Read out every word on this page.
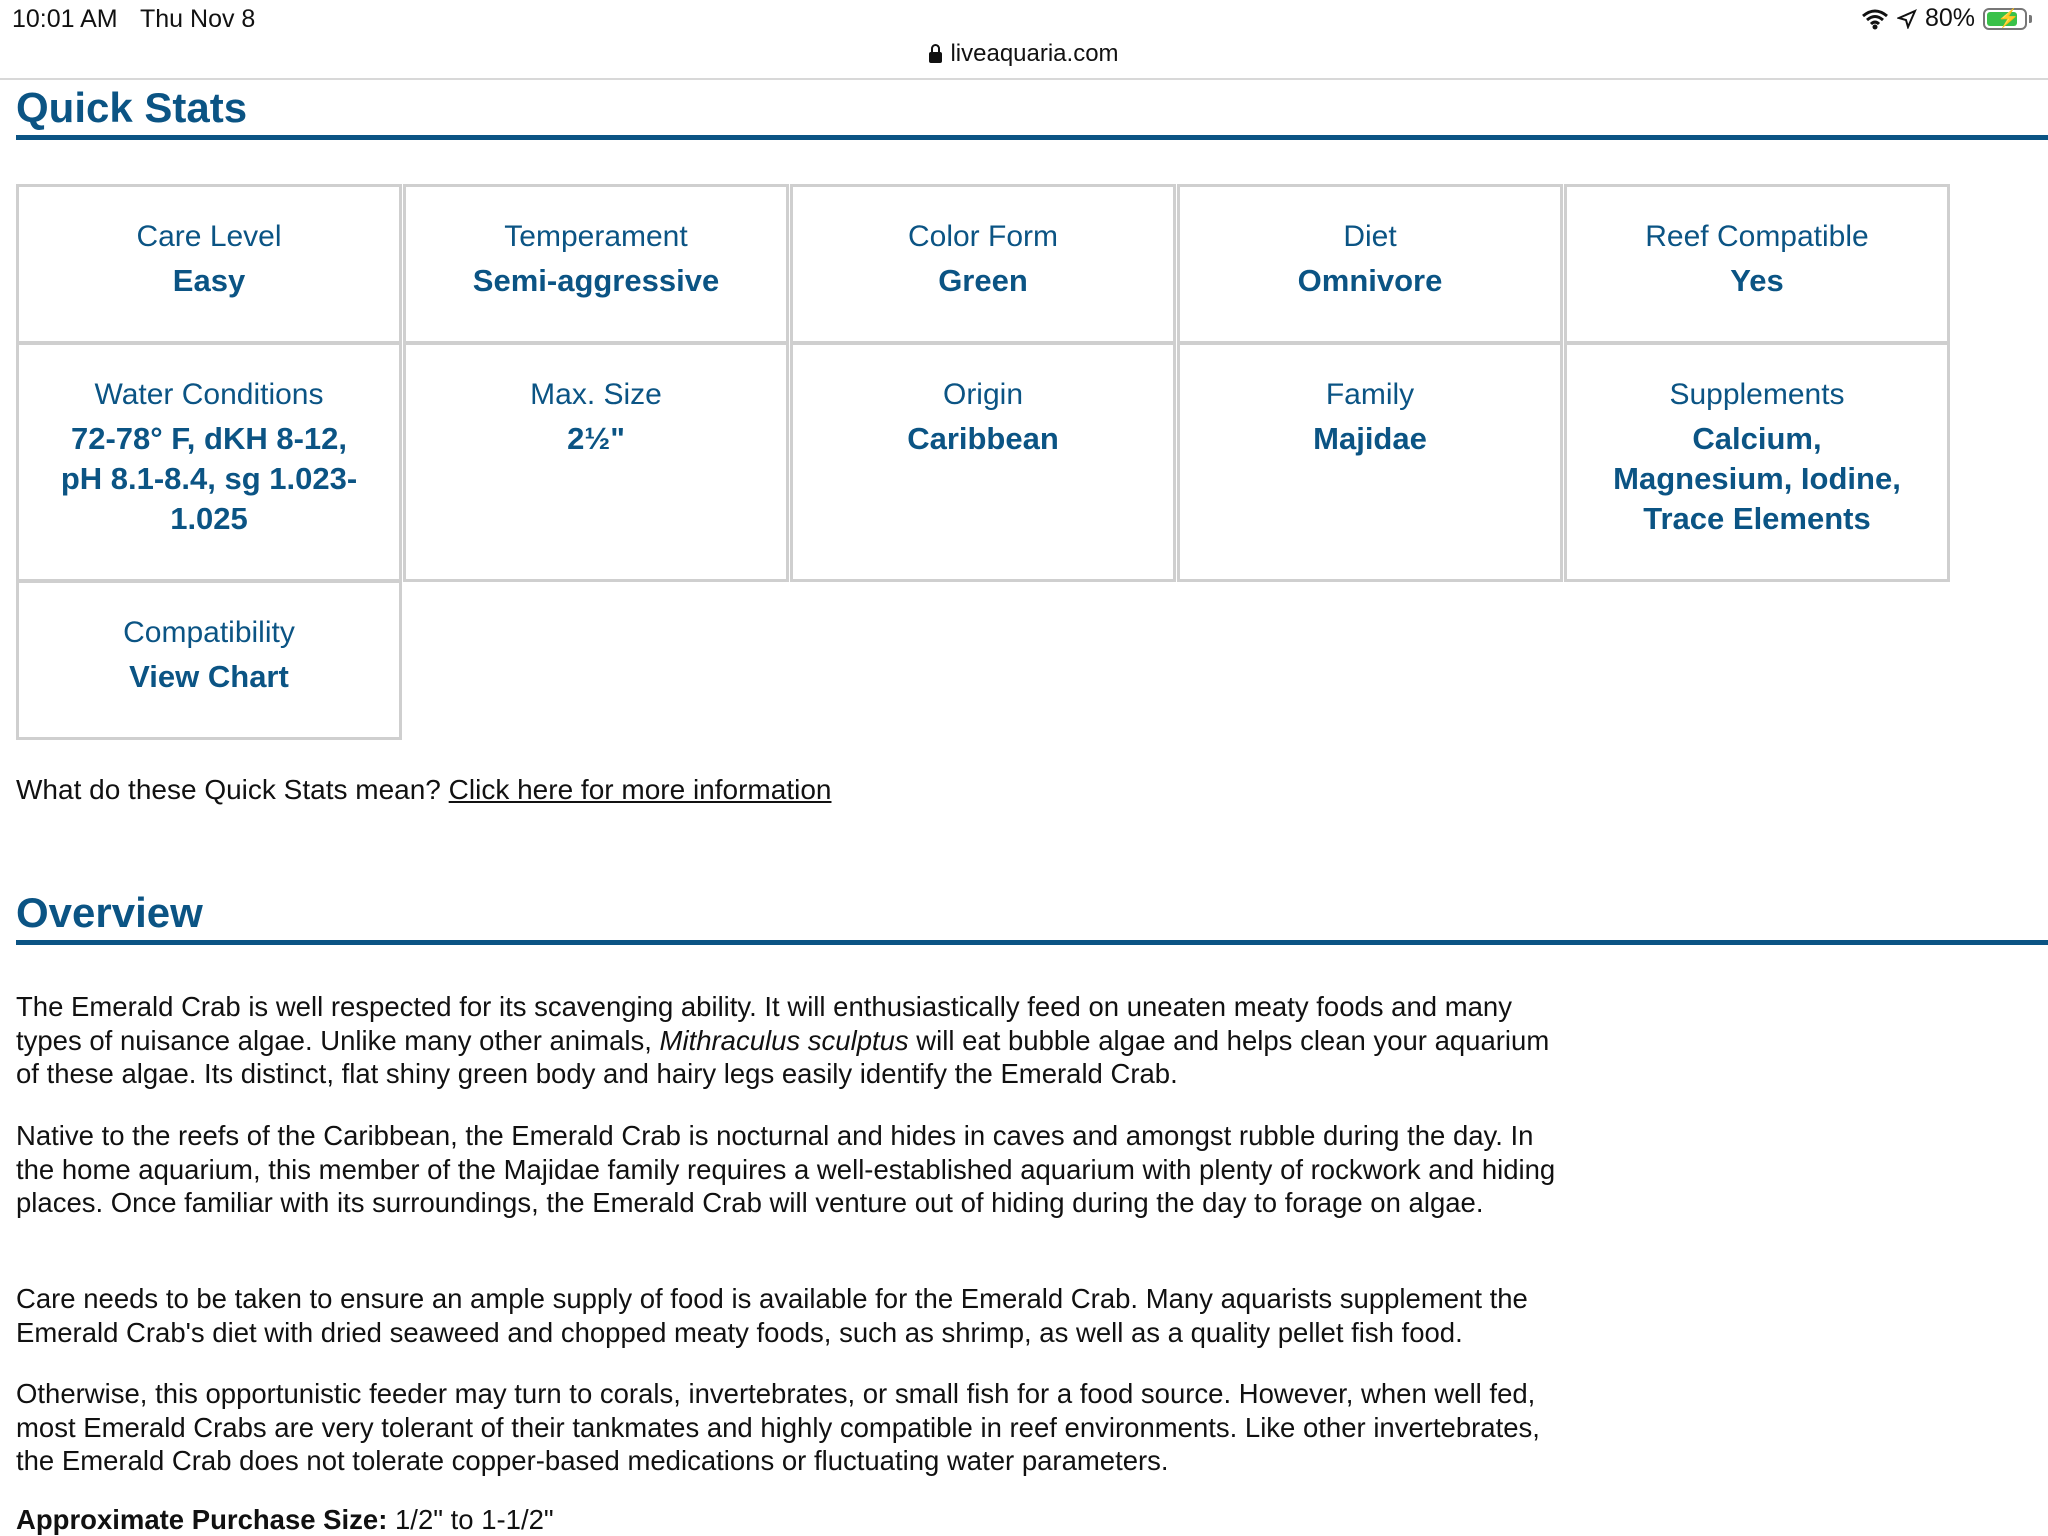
10:01 AM Thu Nov 8	80% ⚡
liveaquaria.com
Quick Stats
Care Level
Easy
Temperament
Semi-aggressive
Color Form
Green
Diet
Omnivore
Reef Compatible
Yes
Water Conditions
72-78° F, dKH 8-12, pH 8.1-8.4, sg 1.023-1.025
Max. Size
2½"
Origin
Caribbean
Family
Majidae
Supplements
Calcium, Magnesium, Iodine, Trace Elements
Compatibility
View Chart
What do these Quick Stats mean? Click here for more information
Overview

The Emerald Crab is well respected for its scavenging ability. It will enthusiastically feed on uneaten meaty foods and many types of nuisance algae. Unlike many other animals, Mithraculus sculptus will eat bubble algae and helps clean your aquarium of these algae. Its distinct, flat shiny green body and hairy legs easily identify the Emerald Crab.

Native to the reefs of the Caribbean, the Emerald Crab is nocturnal and hides in caves and amongst rubble during the day. In the home aquarium, this member of the Majidae family requires a well-established aquarium with plenty of rockwork and hiding places. Once familiar with its surroundings, the Emerald Crab will venture out of hiding during the day to forage on algae.

Care needs to be taken to ensure an ample supply of food is available for the Emerald Crab. Many aquarists supplement the Emerald Crab's diet with dried seaweed and chopped meaty foods, such as shrimp, as well as a quality pellet fish food.

Otherwise, this opportunistic feeder may turn to corals, invertebrates, or small fish for a food source. However, when well fed, most Emerald Crabs are very tolerant of their tankmates and highly compatible in reef environments. Like other invertebrates, the Emerald Crab does not tolerate copper-based medications or fluctuating water parameters.

Approximate Purchase Size: 1/2" to 1-1/2"
